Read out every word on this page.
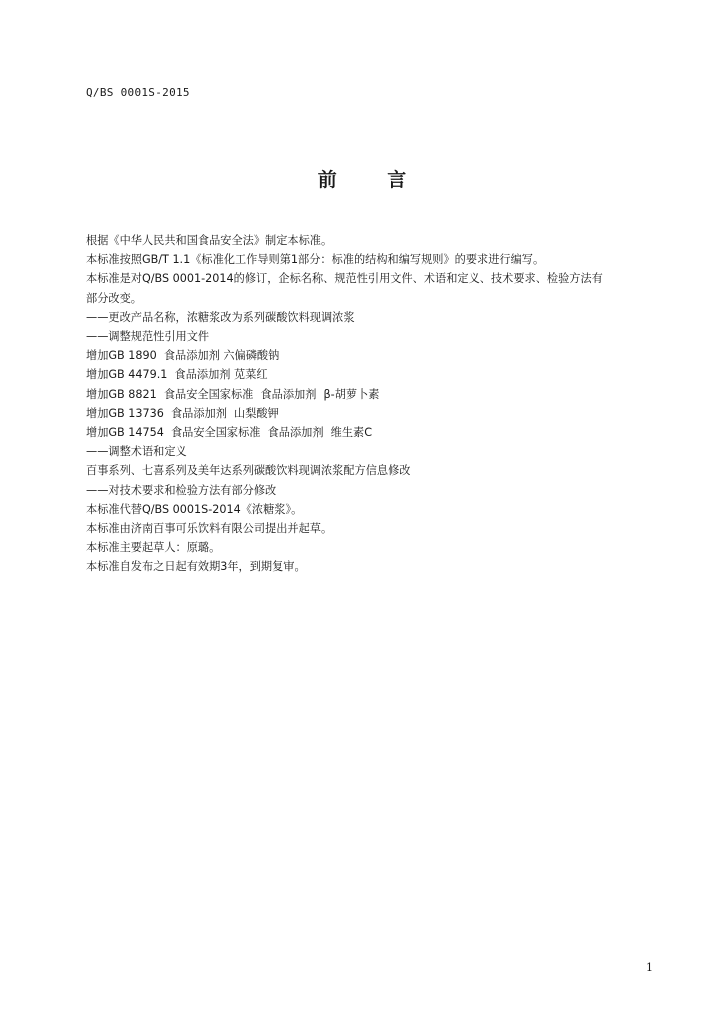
Q/BS 0001S-2015
前 言

根据《中华人民共和国食品安全法》制定本标准。

本标准按照GB/T 1.1《标准化工作导则第1部分：标准的结构和编写规则》的要求进行编写。

本标准是对Q/BS 0001-2014的修订，企标名称、规范性引用文件、术语和定义、技术要求、检验方法有

部分改变。

——更改产品名称，浓糖浆改为系列碳酸饮料现调浓浆

——调整规范性引用文件

增加GB 1890  食品添加剂 六偏磷酸钠

增加GB 4479.1  食品添加剂 苋菜红

增加GB 8821  食品安全国家标准  食品添加剂  β-胡萝卜素

增加GB 13736  食品添加剂  山梨酸钾

增加GB 14754  食品安全国家标准  食品添加剂  维生素C

——调整术语和定义

百事系列、七喜系列及美年达系列碳酸饮料现调浓浆配方信息修改

——对技术要求和检验方法有部分修改

本标准代替Q/BS 0001S-2014《浓糖浆》。

本标准由济南百事可乐饮料有限公司提出并起草。

本标准主要起草人：原璐。

本标准自发布之日起有效期3年，到期复审。

1
